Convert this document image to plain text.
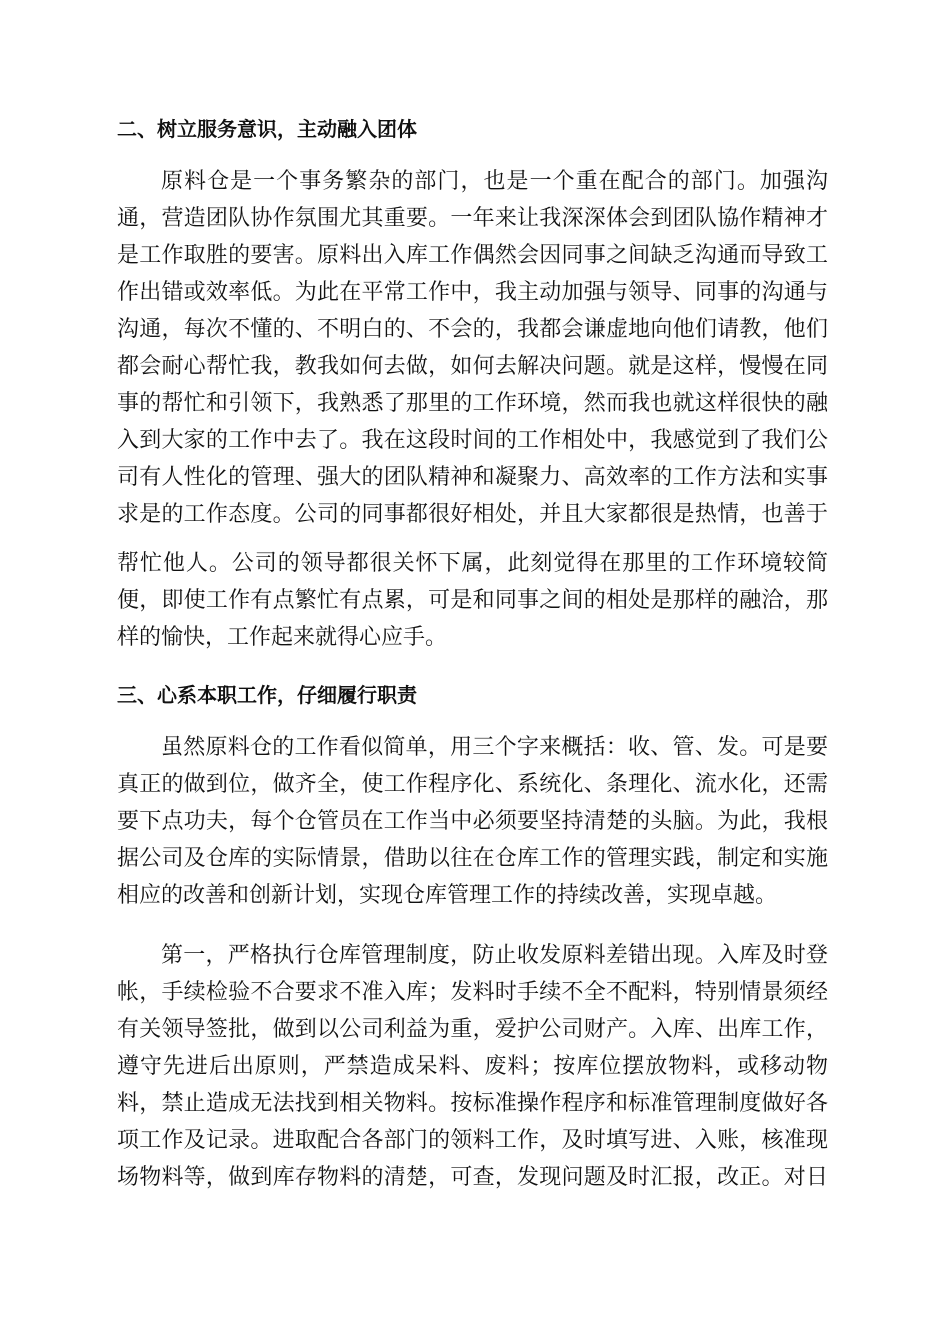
二、树立服务意识，主动融入团体
原料仓是一个事务繁杂的部门，也是一个重在配合的部门。加强沟
通，营造团队协作氛围尤其重要。一年来让我深深体会到团队協作精神才
是工作取胜的要害。原料出入库工作偶然会因同事之间缺乏沟通而导致工
作出错或效率低。为此在平常工作中，我主动加强与领导、同事的沟通与
沟通，每次不懂的、不明白的、不会的，我都会谦虚地向他们请教，他们
都会耐心帮忙我，教我如何去做，如何去解决问题。就是这样，慢慢在同
事的帮忙和引领下，我熟悉了那里的工作环境，然而我也就这样很快的融
入到大家的工作中去了。我在这段时间的工作相处中，我感觉到了我们公
司有人性化的管理、强大的团队精神和凝聚力、高效率的工作方法和实事
求是的工作态度。公司的同事都很好相处，并且大家都很是热情，也善于
帮忙他人。公司的领导都很关怀下属，此刻觉得在那里的工作环境较简
便，即使工作有点繁忙有点累，可是和同事之间的相处是那样的融洽，那
样的愉快，工作起来就得心应手。
三、心系本职工作，仔细履行职责
虽然原料仓的工作看似简单，用三个字来概括：收、管、发。可是要
真正的做到位，做齐全，使工作程序化、系统化、条理化、流水化，还需
要下点功夫，每个仓管员在工作当中必须要坚持清楚的头脑。为此，我根
据公司及仓库的实际情景，借助以往在仓库工作的管理实践，制定和实施
相应的改善和创新计划，实现仓库管理工作的持续改善，实现卓越。
第一，严格执行仓库管理制度，防止收发原料差错出现。入库及时登
帐，手续检验不合要求不准入库；发料时手续不全不配料，特别情景须经
有关领导签批，做到以公司利益为重，爱护公司财产。入库、出库工作，
遵守先进后出原则，严禁造成呆料、废料；按库位摆放物料，或移动物
料，禁止造成无法找到相关物料。按标准操作程序和标准管理制度做好各
项工作及记录。进取配合各部门的领料工作，及时填写进、入账，核准现
场物料等，做到库存物料的清楚，可查，发现问题及时汇报，改正。对日
